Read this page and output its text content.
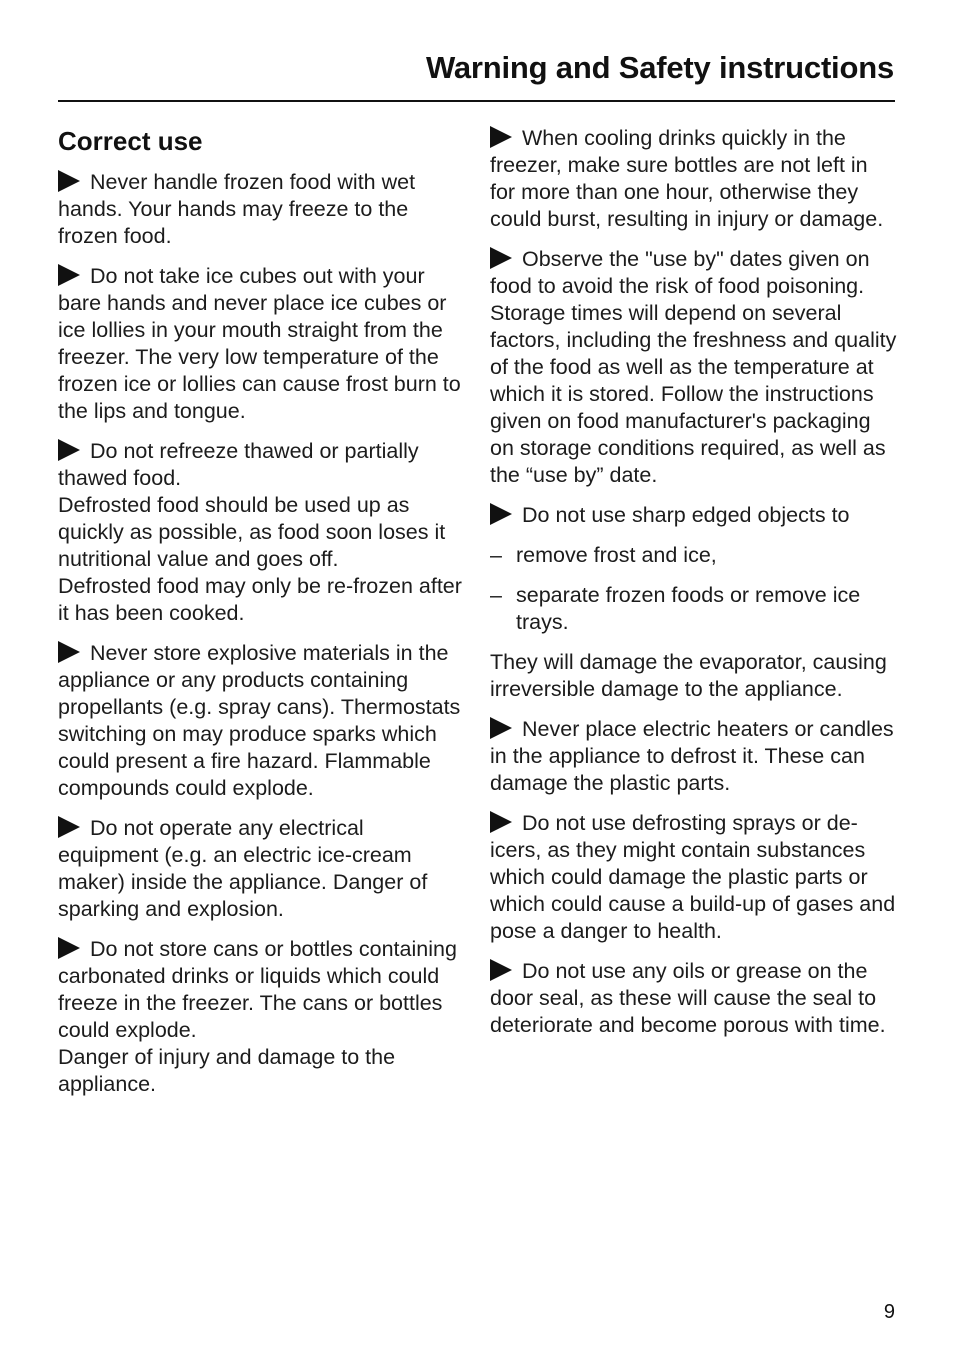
Warning and Safety instructions
Correct use
Never handle frozen food with wet hands. Your hands may freeze to the frozen food.
Do not take ice cubes out with your bare hands and never place ice cubes or ice lollies in your mouth straight from the freezer. The very low temperature of the frozen ice or lollies can cause frost burn to the lips and tongue.
Do not refreeze thawed or partially thawed food.
Defrosted food should be used up as quickly as possible, as food soon loses it nutritional value and goes off.
Defrosted food may only be re-frozen after it has been cooked.
Never store explosive materials in the appliance or any products containing propellants (e.g. spray cans). Thermostats switching on may produce sparks which could present a fire hazard. Flammable compounds could explode.
Do not operate any electrical equipment (e.g. an electric ice-cream maker) inside the appliance. Danger of sparking and explosion.
Do not store cans or bottles containing carbonated drinks or liquids which could freeze in the freezer. The cans or bottles could explode.
Danger of injury and damage to the appliance.
When cooling drinks quickly in the freezer, make sure bottles are not left in for more than one hour, otherwise they could burst, resulting in injury or damage.
Observe the "use by" dates given on food to avoid the risk of food poisoning. Storage times will depend on several factors, including the freshness and quality of the food as well as the temperature at which it is stored. Follow the instructions given on food manufacturer's packaging on storage conditions required, as well as the “use by” date.
Do not use sharp edged objects to
– remove frost and ice,
– separate frozen foods or remove ice trays.
They will damage the evaporator, causing irreversible damage to the appliance.
Never place electric heaters or candles in the appliance to defrost it. These can damage the plastic parts.
Do not use defrosting sprays or de-icers, as they might contain substances which could damage the plastic parts or which could cause a build-up of gases and pose a danger to health.
Do not use any oils or grease on the door seal, as these will cause the seal to deteriorate and become porous with time.
9
